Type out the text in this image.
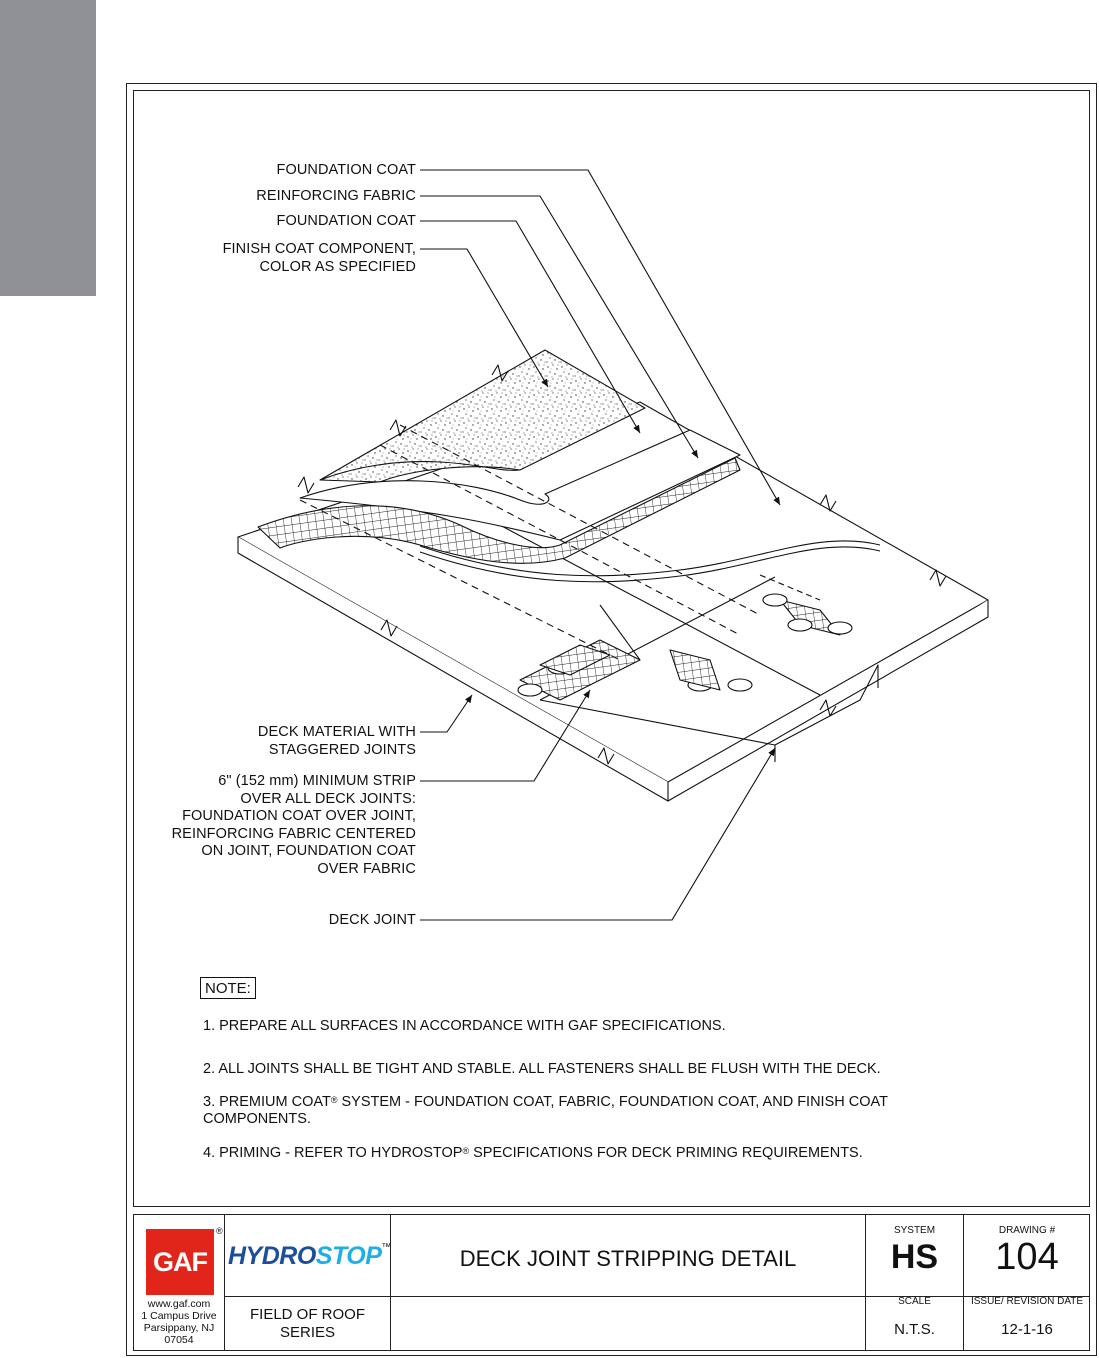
FOUNDATION COAT
REINFORCING FABRIC
FOUNDATION COAT
FINISH COAT COMPONENT,
COLOR AS SPECIFIED
DECK MATERIAL WITH
STAGGERED JOINTS
6" (152 mm) MINIMUM STRIP
OVER ALL DECK JOINTS:
FOUNDATION COAT OVER JOINT,
REINFORCING FABRIC CENTERED
ON JOINT, FOUNDATION COAT
OVER FABRIC
DECK JOINT
NOTE:
1. PREPARE ALL SURFACES IN ACCORDANCE WITH GAF SPECIFICATIONS.
2. ALL JOINTS SHALL BE TIGHT AND STABLE. ALL FASTENERS SHALL BE FLUSH WITH THE DECK.
3. PREMIUM COAT® SYSTEM - FOUNDATION COAT, FABRIC, FOUNDATION COAT, AND FINISH COAT COMPONENTS.
4. PRIMING - REFER TO HYDROSTOP® SPECIFICATIONS FOR DECK PRIMING REQUIREMENTS.
GAF
®
HYDROSTOP™
www.gaf.com
1 Campus Drive
Parsippany, NJ
07054
DECK JOINT STRIPPING DETAIL
FIELD OF ROOF
SERIES
SYSTEM
HS
DRAWING #
104
SCALE
N.T.S.
ISSUE/ REVISION DATE
12-1-16
